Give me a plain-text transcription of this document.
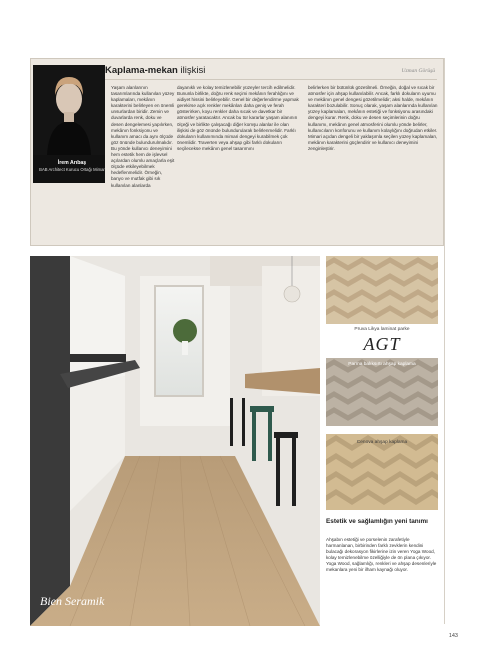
İrem Arıbaş
BAB Architect Kurucu Ortağı Mimar
Kaplama-mekan ilişkisi	Uzman Görüşü
Yaşam alanlarının tasarımlarında kullanılan yüzey kaplamaları, mekânın karakterini belirleyen en önemli unsurlardan biridir. Zemin ve duvarlarda renk, doku ve desen dengelemesi yapılırken, mekânın fonksiyonu ve kullanım amacı da aynı ölçüde göz önünde bulundurulmalıdır. Bu yönde kullanıcı deneyimini hem estetik hem de işlevsel açılardan olumlu amaçlarla eşit ölçüde etkileyebilmek hedeflenmelidir. Örneğin, banyo ve mutfak gibi sık kullanılan alanlarda
dayanıklı ve kolay temizlenebilir yüzeyler tercih edilmelidir. Bununla birlikte, doğru renk seçimi mekânın ferahlığını ve aidiyet hissini belirleyebilir. Genel bir değerlendirme yapmak gerekirse açık renkler mekânları daha geniş ve ferah gösterirken, koyu renkler daha sıcak ve davetkar bir atmosfer yaratacaktır. Ancak bu tür kararlar yaşam alanının ölçeği ve birlikte çalışacağı diğer komşu alanlar ile olan ilişkisi de göz önünde bulundurularak belirlenmelidir. Farklı dokuların kullanımında mimari dengeyi kurabilmek çok önemlidir. Traverten veya ahşap gibi farklı dokuların seçilecekse mekânın genel tasarımını
belirlerken bir bütünlük gözetilmeli. Örneğin, doğal ve sıcak bir atmosfer için ahşap kullanılabilir. Ancak, farklı dokuların uyumu ve mekânın genel dengesi gözetilmelidir; aksi halde, mekânın karakteri bozulabilir. Sonuç olarak, yaşam alanlarında kullanılan yüzey kaplamaları, mekânın estetiği ve fonksiyonu arasındaki dengeyi kurar. Renk, doku ve desen seçimlerinin doğru kullanımı, mekânın genel atmosferini olumlu yönde belirler, kullanıcıların konforunu ve kullanım kolaylığını doğrudan etkiler. Mimari açıdan dengeli bir yaklaşımla seçilen yüzey kaplamaları, mekânın karakterini güçlendirir ve kullanıcı deneyimini zenginleştirir.
Bien Seramik
Pruva Likya laminat parke
AGT
Parma balıksırtı ahşap kaplama
Cenova ahşap kaplama
Estetik ve sağlamlığın yeni tanımı
Ahşabın estetiği ve porselenin zarafetiyle harmanlanan, birbirinden farklı zevklerin kendini bulacağı dekorasyon fikirlerine izin veren Yoga Wood, kolay temizlenebilme özelliğiyle de ön plana çıkıyor. Yoga Wood, sağlamlığı, renkleri ve ahşap desenleriyle mekanlara yeni bir ilham kaynağı oluyor.
143
